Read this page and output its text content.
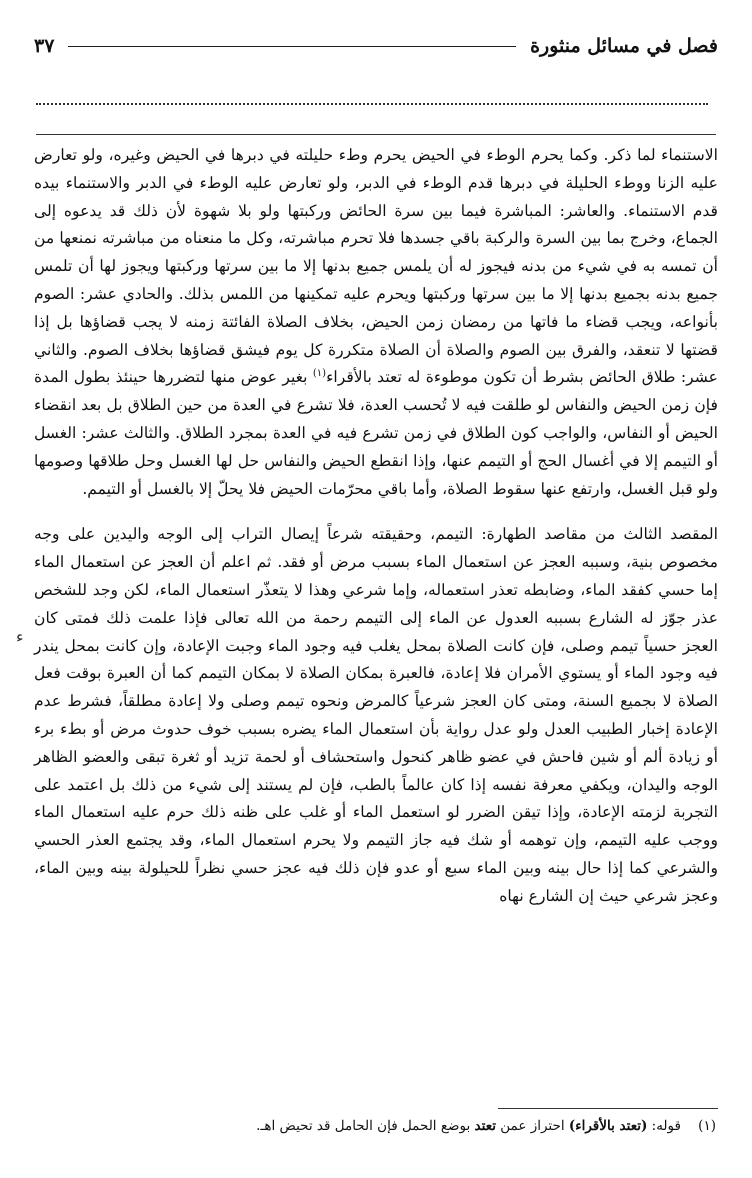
فصل في مسائل منثورة
٣٧

الاستنماء لما ذكر. وكما يحرم الوطء في الحيض يحرم وطء حليلته في دبرها في الحيض وغيره، ولو تعارض عليه الزنا ووطء الحليلة في دبرها قدم الوطء في الدبر، ولو تعارض عليه الوطء في الدبر والاستنماء بيده قدم الاستنماء. والعاشر: المباشرة فيما بين سرة الحائض وركبتها ولو بلا شهوة لأن ذلك قد يدعوه إلى الجماع، وخرج بما بين السرة والركبة باقي جسدها فلا تحرم مباشرته، وكل ما منعناه من مباشرته نمنعها من أن تمسه به في شيء من بدنه فيجوز له أن يلمس جميع بدنها إلا ما بين سرتها وركبتها ويجوز لها أن تلمس جميع بدنه بجميع بدنها إلا ما بين سرتها وركبتها ويحرم عليه تمكينها من اللمس بذلك. والحادي عشر: الصوم بأنواعه، ويجب قضاء ما فاتها من رمضان زمن الحيض، بخلاف الصلاة الفائتة زمنه لا يجب قضاؤها بل إذا قضتها لا تنعقد، والفرق بين الصوم والصلاة أن الصلاة متكررة كل يوم فيشق قضاؤها بخلاف الصوم. والثاني عشر: طلاق الحائض بشرط أن تكون موطوءة له تعتد بالأقراء$^{(١)}$ بغير عوض منها لتضررها حينئذ بطول المدة فإن زمن الحيض والنفاس لو طلقت فيه لا تُحسب العدة، فلا تشرع في العدة من حين الطلاق بل بعد انقضاء الحيض أو النفاس، والواجب كون الطلاق في زمن تشرع فيه في العدة بمجرد الطلاق. والثالث عشر: الغسل أو التيمم إلا في أغسال الحج أو التيمم عنها، وإذا انقطع الحيض والنفاس حل لها الغسل وحل طلاقها وصومها ولو قبل الغسل، وارتفع عنها سقوط الصلاة، وأما باقي محرّمات الحيض فلا يحلّ إلا بالغسل أو التيمم.

المقصد الثالث من مقاصد الطهارة: التيمم، وحقيقته شرعاً إيصال التراب إلى الوجه واليدين على وجه مخصوص بنية، وسببه العجز عن استعمال الماء بسبب مرض أو فقد. ثم اعلم أن العجز عن استعمال الماء إما حسي كفقد الماء، وضابطه تعذر استعماله، وإما شرعي وهذا لا يتعذّر استعمال الماء، لكن وجد للشخص عذر جوّز له الشارع بسببه العدول عن الماء إلى التيمم رحمة من الله تعالى فإذا علمت ذلك فمتى كان العجز حسياً تيمم وصلى، فإن كانت الصلاة بمحل يغلب فيه وجود الماء وجبت الإعادة، وإن كانت بمحل يندر فيه وجود الماء أو يستوي الأمران فلا إعادة، فالعبرة بمكان الصلاة لا بمكان التيمم كما أن العبرة بوقت فعل الصلاة لا بجميع السنة، ومتى كان العجز شرعياً كالمرض ونحوه تيمم وصلى ولا إعادة مطلقاً، فشرط عدم الإعادة إخبار الطبيب العدل ولو عدل رواية بأن استعمال الماء يضره بسبب خوف حدوث مرض أو بطء برء أو زيادة ألم أو شين فاحش في عضو ظاهر كنحول واستحشاف أو لحمة تزيد أو ثغرة تبقى والعضو الظاهر الوجه واليدان، ويكفي معرفة نفسه إذا كان عالماً بالطب، فإن لم يستند إلى شيء من ذلك بل اعتمد على التجربة لزمته الإعادة، وإذا تيقن الضرر لو استعمل الماء أو غلب على ظنه ذلك حرم عليه استعمال الماء ووجب عليه التيمم، وإن توهمه أو شك فيه جاز التيمم ولا يحرم استعمال الماء، وقد يجتمع العذر الحسي والشرعي كما إذا حال بينه وبين الماء سبع أو عدو فإن ذلك فيه عجز حسي نظراً للحيلولة بينه وبين الماء، وعجز شرعي حيث إن الشارع نهاه

ء
(١)    قوله: (تعتد بالأقراء) احتراز عمن تعتد بوضع الحمل فإن الحامل قد تحيض اهـ.
